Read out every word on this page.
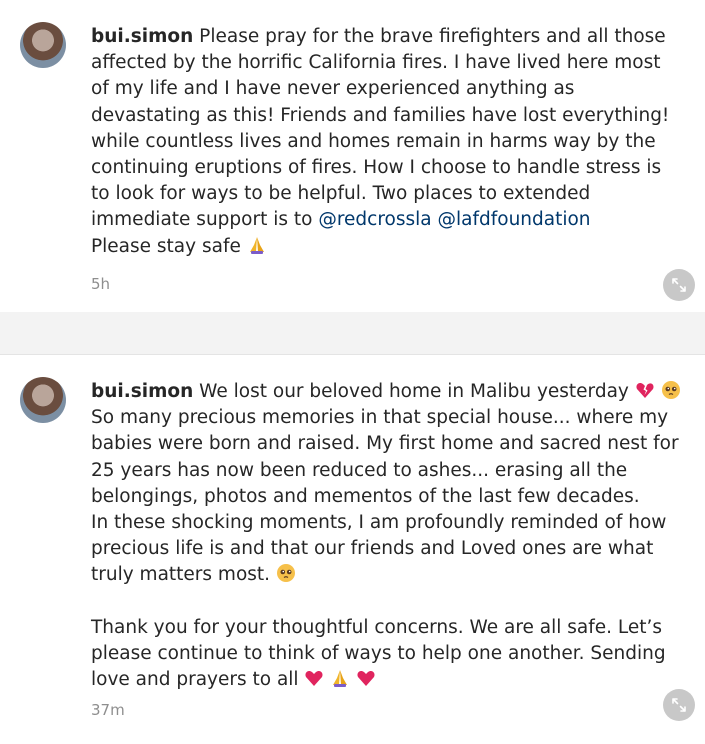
bui.simon Please pray for the brave firefighters and all those affected by the horrific California fires. I have lived here most of my life and I have never experienced anything as devastating as this! Friends and families have lost everything! while countless lives and homes remain in harms way by the continuing eruptions of fires. How I choose to handle stress is to look for ways to be helpful. Two places to extended immediate support is to @redcrossla @lafdfoundation
Please stay safe
5h
bui.simon We lost our beloved home in Malibu yesterday
So many precious memories in that special house... where my babies were born and raised. My first home and sacred nest for 25 years has now been reduced to ashes... erasing all the belongings, photos and mementos of the last few decades.
In these shocking moments, I am profoundly reminded of how precious life is and that our friends and Loved ones are what truly matters most.

Thank you for your thoughtful concerns. We are all safe. Let’s please continue to think of ways to help one another. Sending love and prayers to all
37m
